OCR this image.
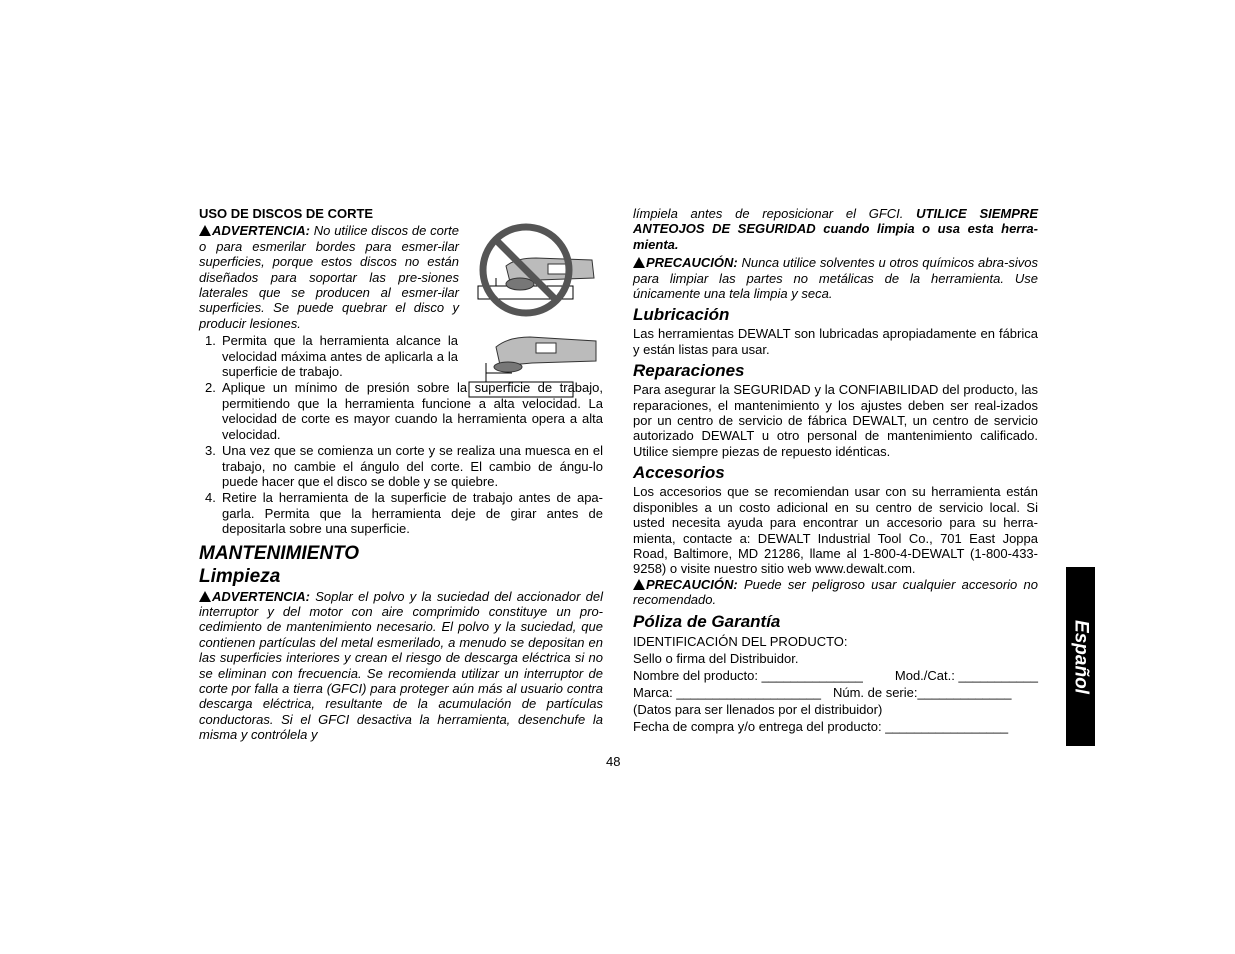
USO DE DISCOS DE CORTE

ADVERTENCIA: No utilice discos de corte o para esmerilar bordes para esmer-ilar superficies, porque estos discos no están diseñados para soportar las pre-siones laterales que se producen al esmer-ilar superficies. Se puede quebrar el disco y producir lesiones.

1. Permita que la herramienta alcance la velocidad máxima antes de aplicarla a la superficie de trabajo.
2. Aplique un mínimo de presión sobre la superficie de trabajo, permitiendo que la herramienta funcione a alta velocidad. La velocidad de corte es mayor cuando la herramienta opera a alta velocidad.
3. Una vez que se comienza un corte y se realiza una muesca en el trabajo, no cambie el ángulo del corte. El cambio de ángu-lo puede hacer que el disco se doble y se quiebre.
4. Retire la herramienta de la superficie de trabajo antes de apa-garla. Permita que la herramienta deje de girar antes de depositarla sobre una superficie.

MANTENIMIENTO

Limpieza

ADVERTENCIA: Soplar el polvo y la suciedad del accionador del interruptor y del motor con aire comprimido constituye un pro-cedimiento de mantenimiento necesario. El polvo y la suciedad, que contienen partículas del metal esmerilado, a menudo se depositan en las superficies interiores y crean el riesgo de descarga eléctrica si no se eliminan con frecuencia. Se recomienda utilizar un interruptor de corte por falla a tierra (GFCI) para proteger aún más al usuario contra descarga eléctrica, resultante de la acumulación de partículas conductoras. Si el GFCI desactiva la herramienta, desenchufe la misma y contrólela y

límpiela antes de reposicionar el GFCI. UTILICE SIEMPRE ANTEOJOS DE SEGURIDAD cuando limpia o usa esta herra-mienta.

PRECAUCIÓN: Nunca utilice solventes u otros químicos abra-sivos para limpiar las partes no metálicas de la herramienta. Use únicamente una tela limpia y seca.

Lubricación

Las herramientas DEWALT son lubricadas apropiadamente en fábrica y están listas para usar.

Reparaciones

Para asegurar la SEGURIDAD y la CONFIABILIDAD del producto, las reparaciones, el mantenimiento y los ajustes deben ser real-izados por un centro de servicio de fábrica DEWALT, un centro de servicio autorizado DEWALT u otro personal de mantenimiento calificado. Utilice siempre piezas de repuesto idénticas.

Accesorios

Los accesorios que se recomiendan usar con su herramienta están disponibles a un costo adicional en su centro de servicio local. Si usted necesita ayuda para encontrar un accesorio para su herra-mienta, contacte a: DEWALT Industrial Tool Co., 701 East Joppa Road, Baltimore, MD 21286, llame al 1-800-4-DEWALT (1-800-433-9258) o visite nuestro sitio web www.dewalt.com.

PRECAUCIÓN: Puede ser peligroso usar cualquier accesorio no recomendado.

Póliza de Garantía

IDENTIFICACIÓN DEL PRODUCTO:

Sello o firma del Distribuidor.

Nombre del producto: ______________ Mod./Cat.: ___________
Marca: ____________________ Núm. de serie:_____________

(Datos para ser llenados por el distribuidor)

Fecha de compra y/o entrega del producto: _________________

Español
48
